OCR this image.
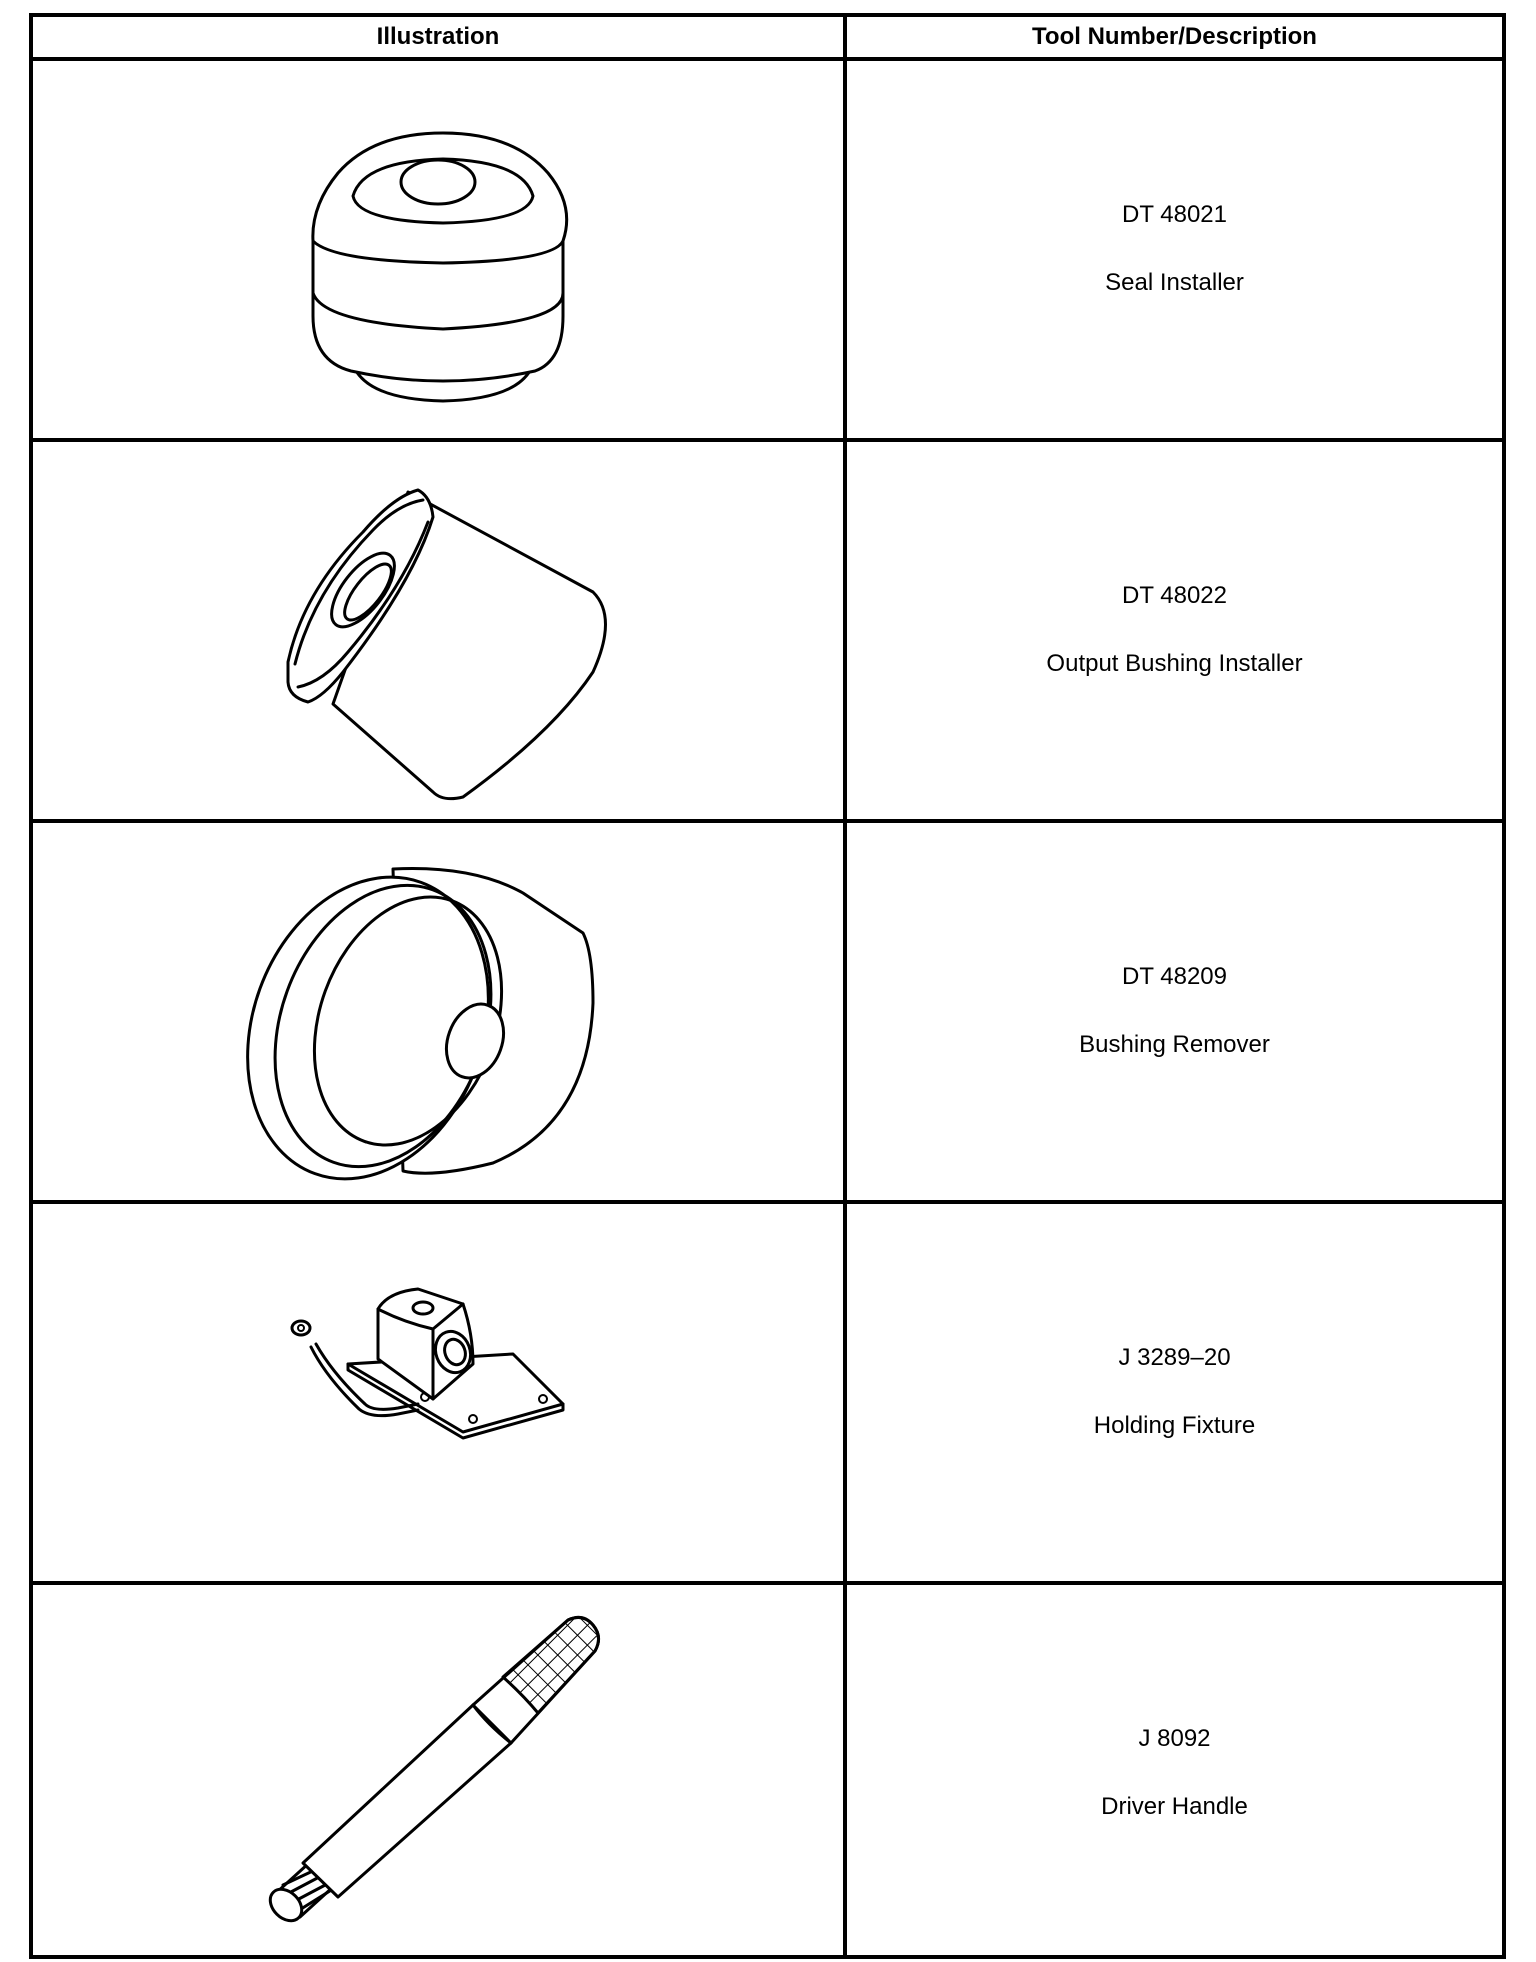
Illustration	Tool Number/Description
DT 48021
Seal Installer
DT 48022
Output Bushing Installer
DT 48209
Bushing Remover
J 3289–20
Holding Fixture
J 8092
Driver Handle
